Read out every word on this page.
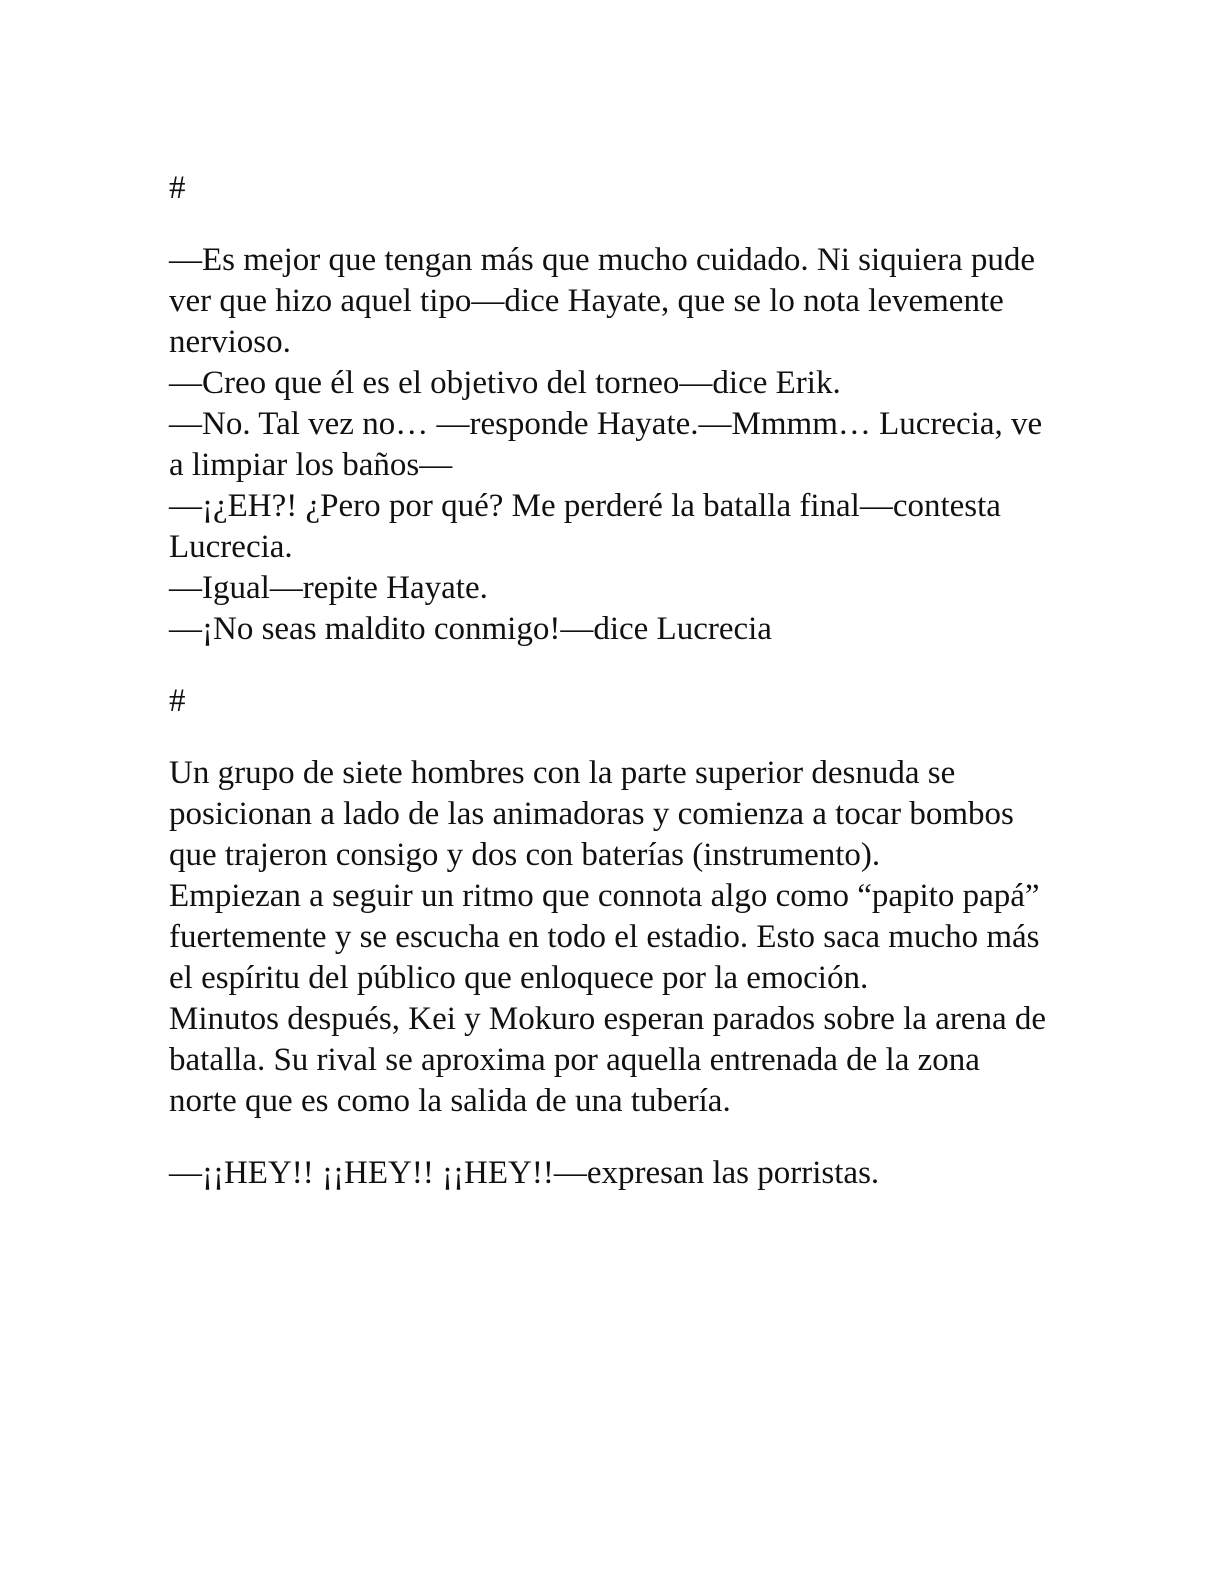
#

—Es mejor que tengan más que mucho cuidado. Ni siquiera pude ver que hizo aquel tipo—dice Hayate, que se lo nota levemente nervioso.

—Creo que él es el objetivo del torneo—dice Erik.

—No. Tal vez no… —responde Hayate.—Mmmm… Lucrecia, ve a limpiar los baños—

—¡¿EH?! ¿Pero por qué? Me perderé la batalla final—contesta Lucrecia.

—Igual—repite Hayate.

—¡No seas maldito conmigo!—dice Lucrecia

#

Un grupo de siete hombres con la parte superior desnuda se posicionan a lado de las animadoras y comienza a tocar bombos que trajeron consigo y dos con baterías (instrumento).

Empiezan a seguir un ritmo que connota algo como “papito papá” fuertemente y se escucha en todo el estadio. Esto saca mucho más el espíritu del público que enloquece por la emoción.

Minutos después, Kei y Mokuro esperan parados sobre la arena de batalla. Su rival se aproxima por aquella entrenada de la zona norte que es como la salida de una tubería.

—¡¡HEY!! ¡¡HEY!! ¡¡HEY!!—expresan las porristas.
